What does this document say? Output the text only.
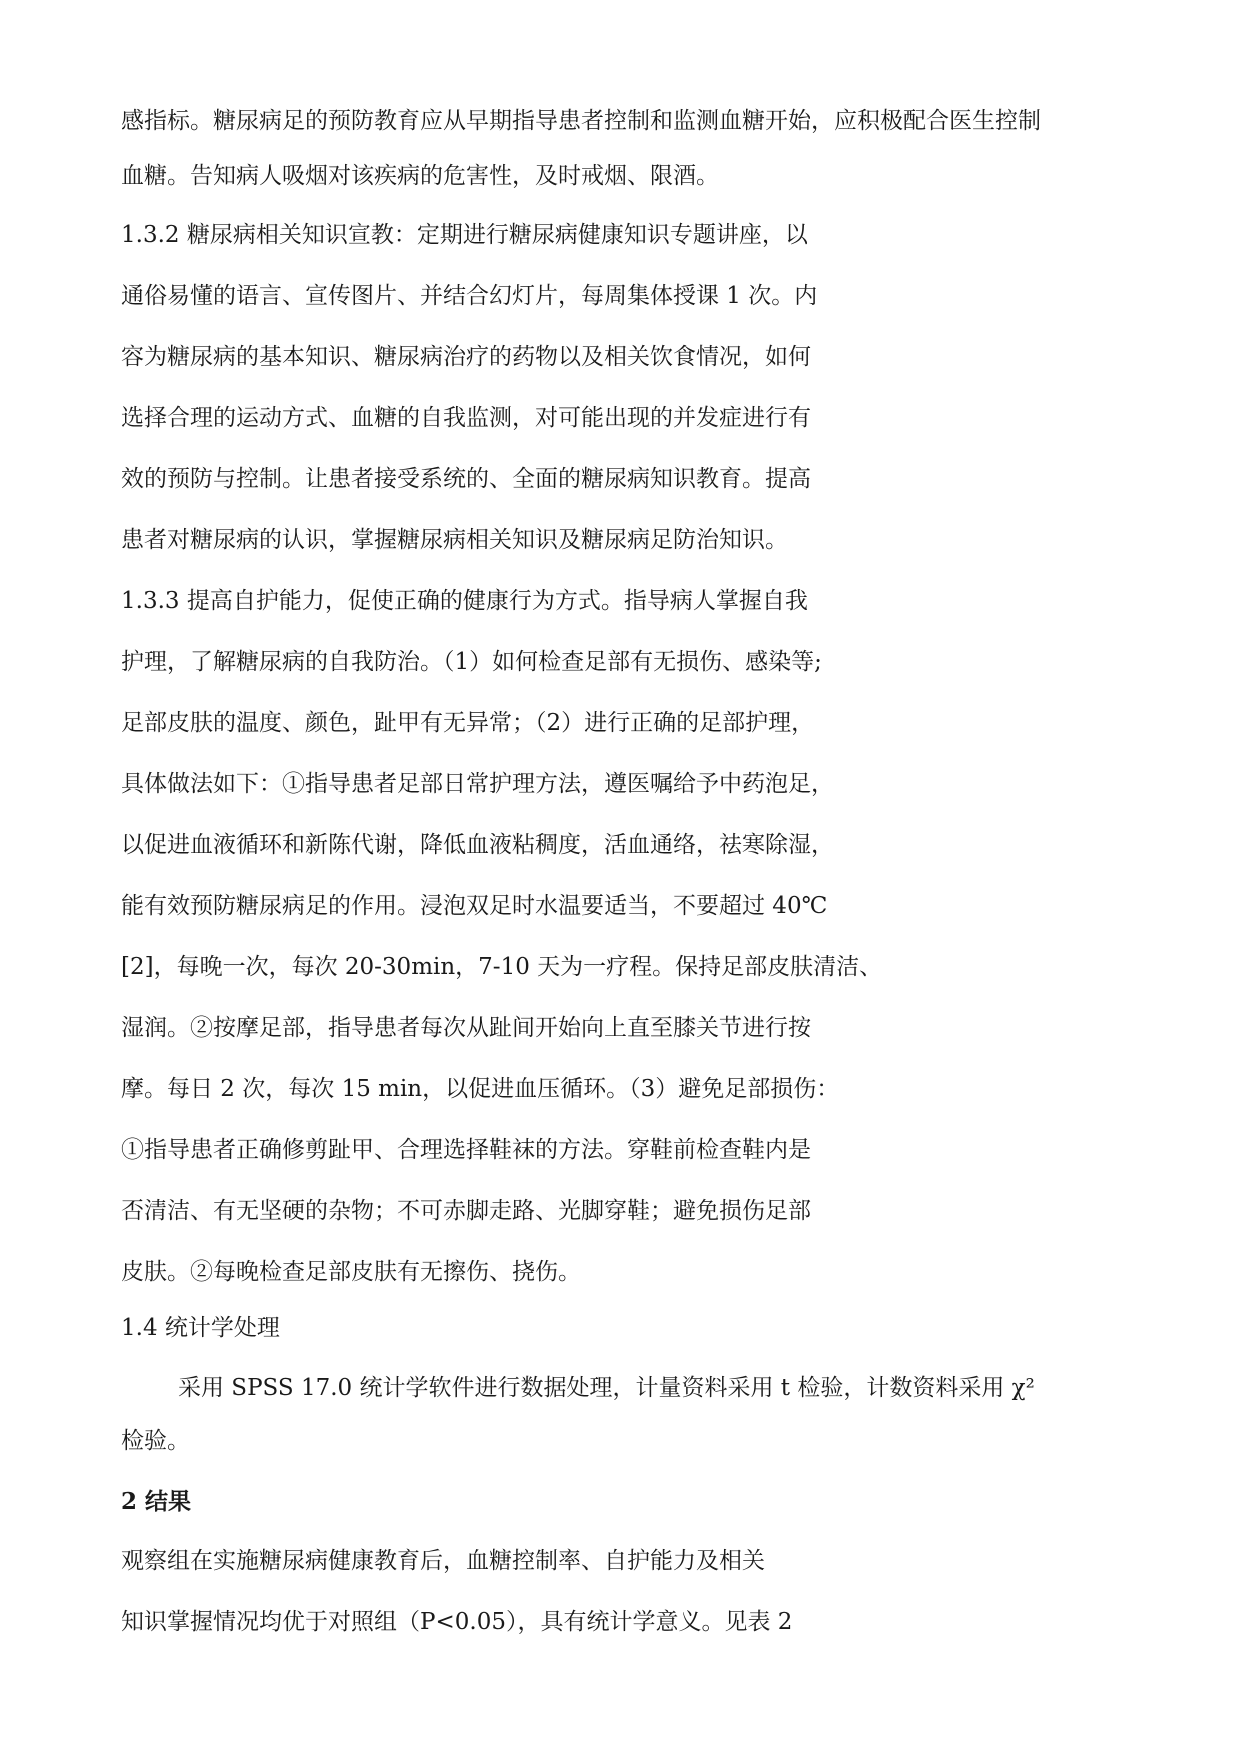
感指标。糖尿病足的预防教育应从早期指导患者控制和监测血糖开始，应积极配合医生控制
血糖。告知病人吸烟对该疾病的危害性，及时戒烟、限酒。
1.3.2 糖尿病相关知识宣教：定期进行糖尿病健康知识专题讲座，以
通俗易懂的语言、宣传图片、并结合幻灯片，每周集体授课 1 次。内
容为糖尿病的基本知识、糖尿病治疗的药物以及相关饮食情况，如何
选择合理的运动方式、血糖的自我监测，对可能出现的并发症进行有
效的预防与控制。让患者接受系统的、全面的糖尿病知识教育。提高
患者对糖尿病的认识，掌握糖尿病相关知识及糖尿病足防治知识。
1.3.3 提高自护能力，促使正确的健康行为方式。指导病人掌握自我
护理，了解糖尿病的自我防治。（1）如何检查足部有无损伤、感染等;
足部皮肤的温度、颜色，趾甲有无异常；（2）进行正确的足部护理，
具体做法如下：①指导患者足部日常护理方法，遵医嘱给予中药泡足，
以促进血液循环和新陈代谢，降低血液粘稠度，活血通络，祛寒除湿，
能有效预防糖尿病足的作用。浸泡双足时水温要适当，不要超过 40℃
[2]，每晚一次，每次 20-30min，7-10 天为一疗程。保持足部皮肤清洁、
湿润。②按摩足部，指导患者每次从趾间开始向上直至膝关节进行按
摩。每日 2 次，每次 15 min，以促进血压循环。（3）避免足部损伤：
①指导患者正确修剪趾甲、合理选择鞋袜的方法。穿鞋前检查鞋内是
否清洁、有无坚硬的杂物；不可赤脚走路、光脚穿鞋；避免损伤足部
皮肤。②每晚检查足部皮肤有无擦伤、挠伤。
1.4 统计学处理
采用 SPSS 17.0 统计学软件进行数据处理，计量资料采用 t 检验，计数资料采用 χ²
检验。
2 结果
观察组在实施糖尿病健康教育后，血糖控制率、自护能力及相关
知识掌握情况均优于对照组（P<0.05），具有统计学意义。见表 2
